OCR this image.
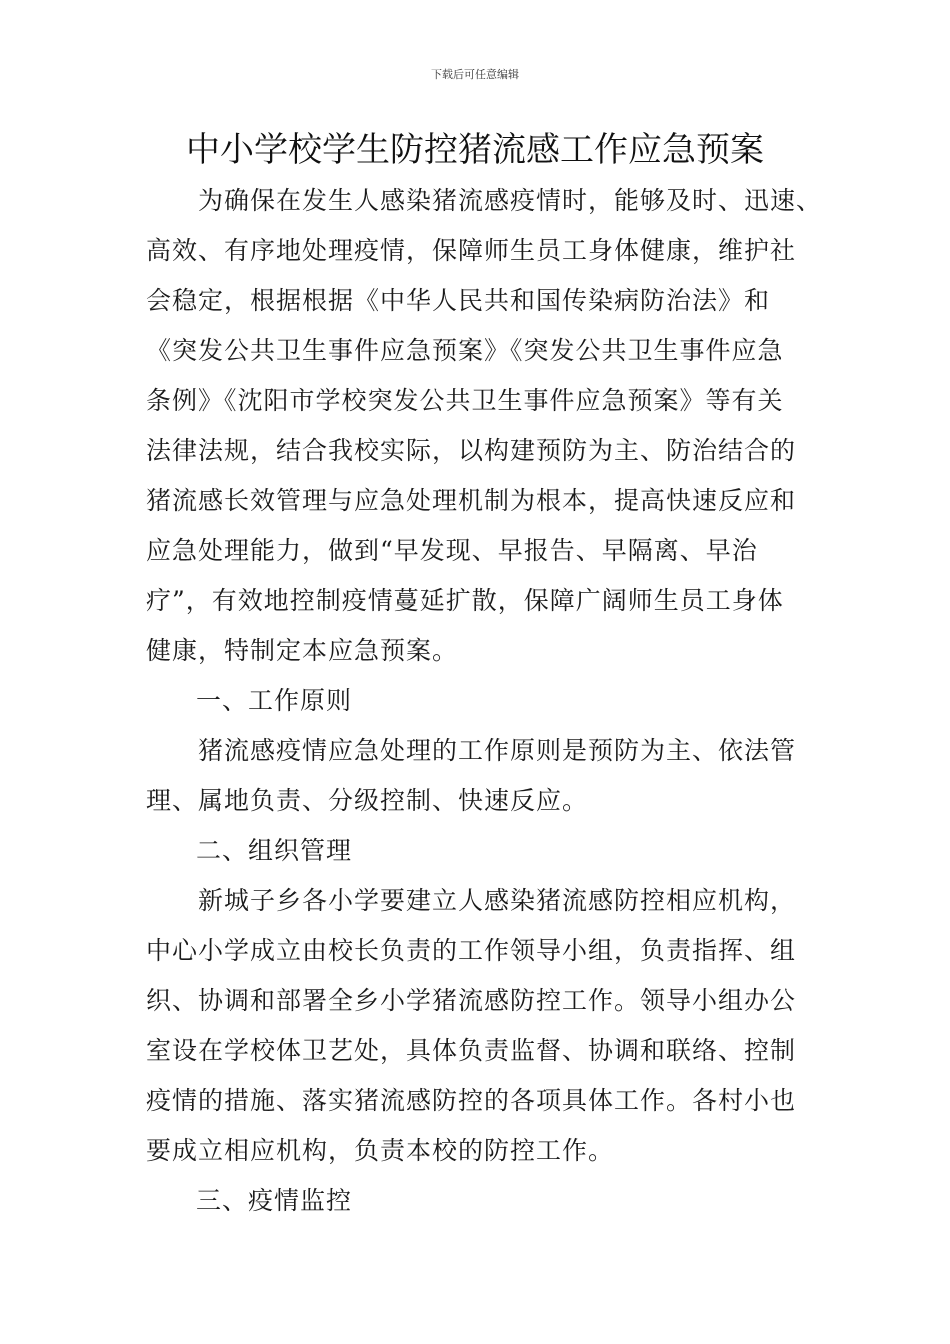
下载后可任意编辑
中小学校学生防控猪流感工作应急预案
为确保在发生人感染猪流感疫情时，能够及时、迅速、
高效、有序地处理疫情，保障师生员工身体健康，维护社
会稳定，根据根据《中华人民共和国传染病防治法》和
《突发公共卫生事件应急预案》《突发公共卫生事件应急
条例》《沈阳市学校突发公共卫生事件应急预案》等有关
法律法规，结合我校实际，以构建预防为主、防治结合的
猪流感长效管理与应急处理机制为根本，提高快速反应和
应急处理能力，做到“早发现、早报告、早隔离、早治
疗”，有效地控制疫情蔓延扩散，保障广阔师生员工身体
健康，特制定本应急预案。
一、工作原则
猪流感疫情应急处理的工作原则是预防为主、依法管
理、属地负责、分级控制、快速反应。
二、组织管理
新城子乡各小学要建立人感染猪流感防控相应机构，
中心小学成立由校长负责的工作领导小组，负责指挥、组
织、协调和部署全乡小学猪流感防控工作。领导小组办公
室设在学校体卫艺处，具体负责监督、协调和联络、控制
疫情的措施、落实猪流感防控的各项具体工作。各村小也
要成立相应机构，负责本校的防控工作。
三、疫情监控
